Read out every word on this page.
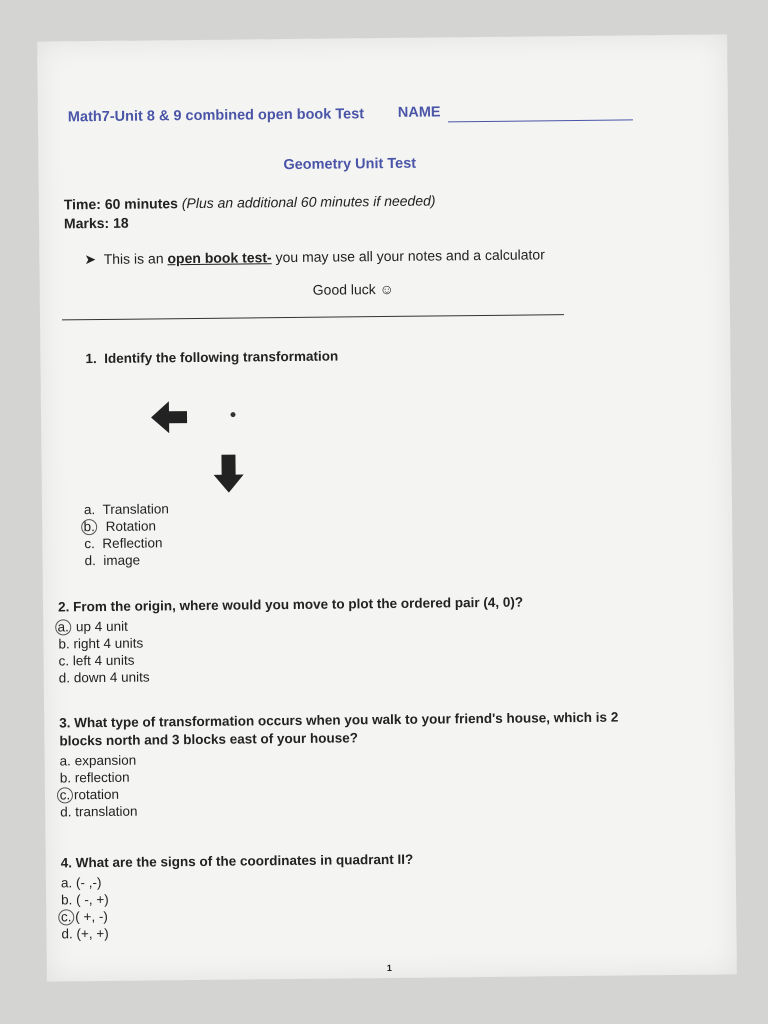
Math7-Unit 8 & 9 combined open book Test NAME
Geometry Unit Test
Time: 60 minutes (Plus an additional 60 minutes if needed)
Marks: 18
➤ This is an open book test- you may use all your notes and a calculator
Good luck ☺
1. Identify the following transformation
a. Translation
b. Rotation
c. Reflection
d. image
2. From the origin, where would you move to plot the ordered pair (4, 0)?
a. up 4 unit
b. right 4 units
c. left 4 units
d. down 4 units
3. What type of transformation occurs when you walk to your friend's house, which is 2
blocks north and 3 blocks east of your house?
a. expansion
b. reflection
c. rotation
d. translation
4. What are the signs of the coordinates in quadrant II?
a. (- ,-)
b. ( -, +)
c. ( +, -)
d. (+, +)
1
